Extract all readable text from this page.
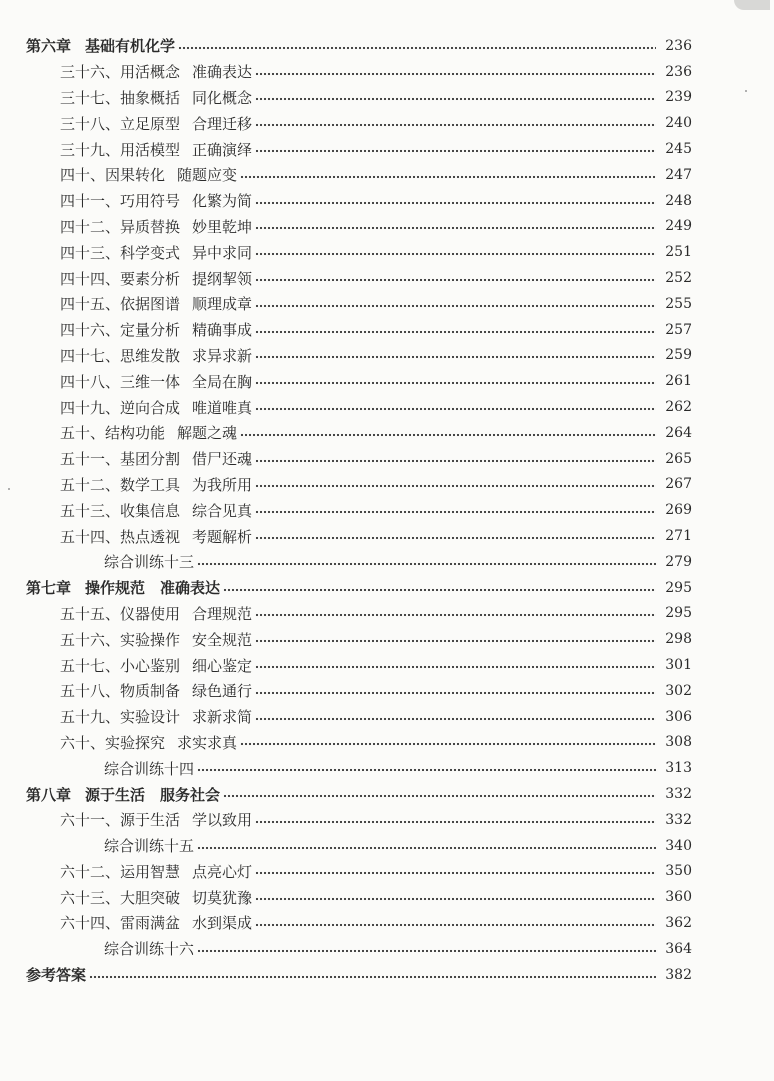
第六章 基础有机化学	236
三十六、用活概念 准确表达	236
三十七、抽象概括 同化概念	239
三十八、立足原型 合理迁移	240
三十九、用活模型 正确演绎	245
四十、因果转化 随题应变	247
四十一、巧用符号 化繁为简	248
四十二、异质替换 妙里乾坤	249
四十三、科学变式 异中求同	251
四十四、要素分析 提纲挈领	252
四十五、依据图谱 顺理成章	255
四十六、定量分析 精确事成	257
四十七、思维发散 求异求新	259
四十八、三维一体 全局在胸	261
四十九、逆向合成 唯道唯真	262
五十、结构功能 解题之魂	264
五十一、基团分割 借尸还魂	265
五十二、数学工具 为我所用	267
五十三、收集信息 综合见真	269
五十四、热点透视 考题解析	271
综合训练十三	279
第七章 操作规范　准确表达	295
五十五、仪器使用 合理规范	295
五十六、实验操作 安全规范	298
五十七、小心鉴别 细心鉴定	301
五十八、物质制备 绿色通行	302
五十九、实验设计 求新求简	306
六十、实验探究 求实求真	308
综合训练十四	313
第八章 源于生活　服务社会	332
六十一、源于生活 学以致用	332
综合训练十五	340
六十二、运用智慧 点亮心灯	350
六十三、大胆突破 切莫犹豫	360
六十四、雷雨满盆 水到渠成	362
综合训练十六	364
参考答案	382
